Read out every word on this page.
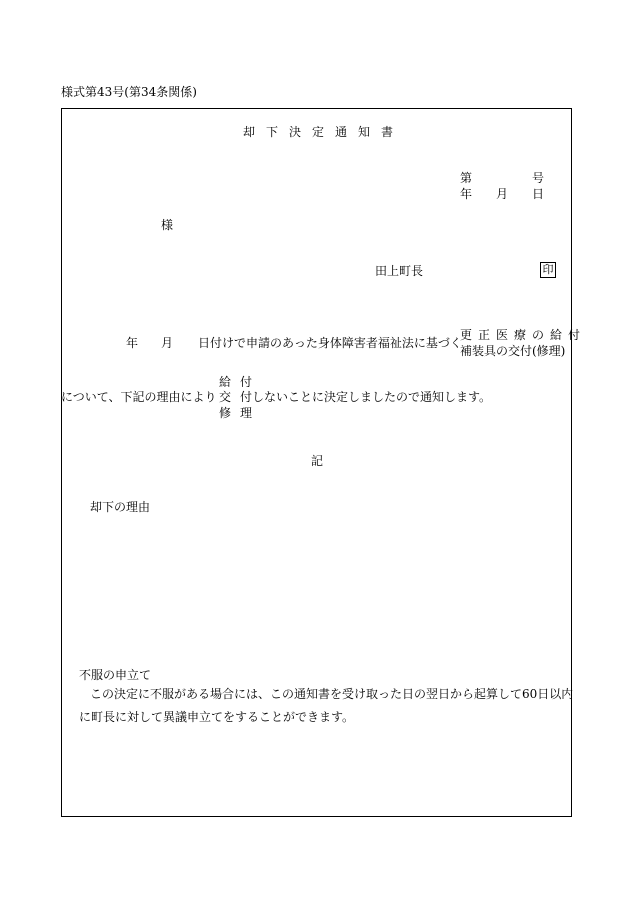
様式第43号(第34条関係)
却下決定通知書
第	号
年 月 日
様
田上町長	印
年 月 日付けで申請のあった身体障害者福祉法に基づく
更正医療の給付
補装具の交付(修理)
給 付
について、下記の理由により 交 付しないことに決定しましたので通知します。
修 理
記
却下の理由
不服の申立て
この決定に不服がある場合には、この通知書を受け取った日の翌日から起算して60日以内
に町長に対して異議申立てをすることができます。
